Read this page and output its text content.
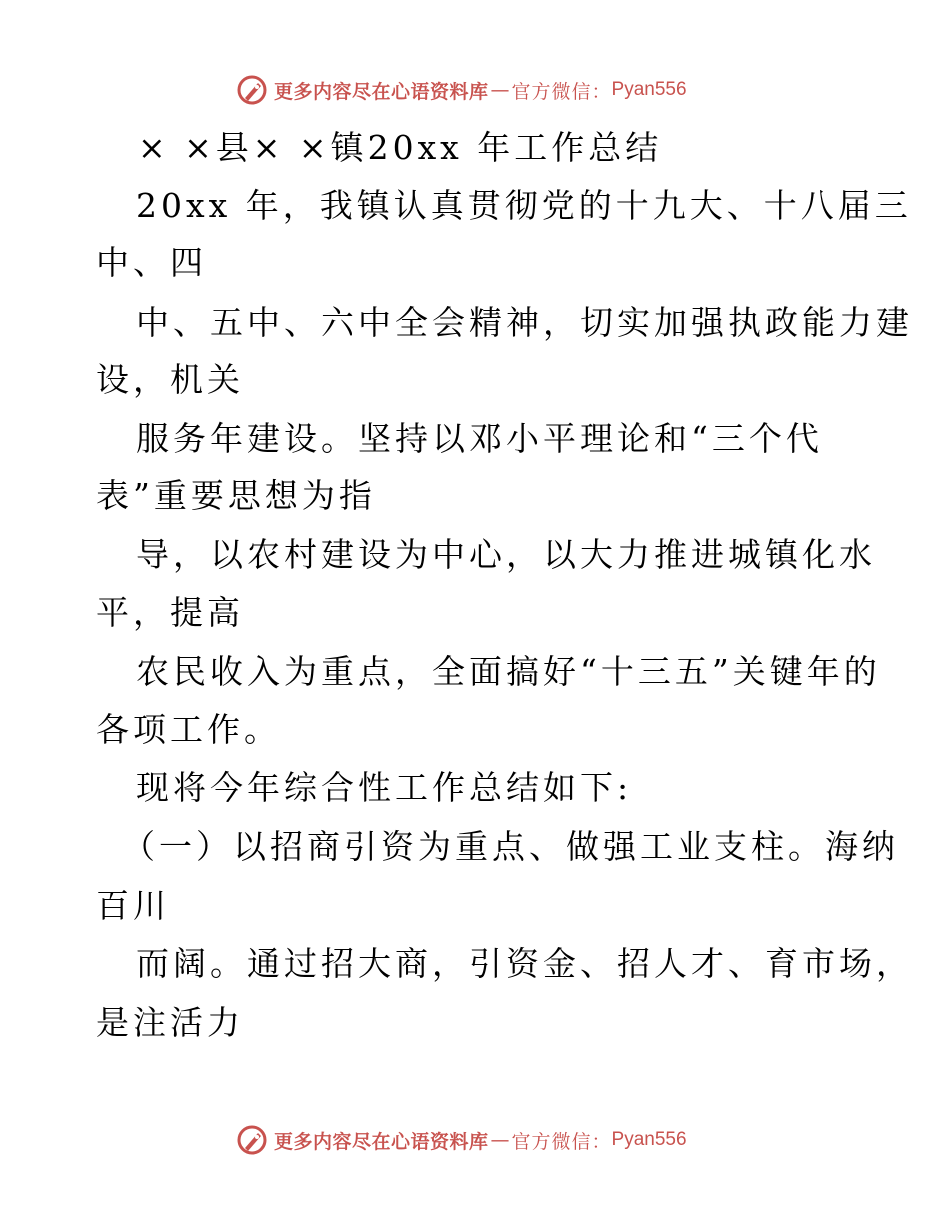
更多内容尽在心语资料库 — 官方微信： Pyan556
× ×县× ×镇20xx 年工作总结
20xx 年，我镇认真贯彻党的十九大、十八届三
中、四
中、五中、六中全会精神，切实加强执政能力建
设，机关
服务年建设。坚持以邓小平理论和“三个代
表”重要思想为指
导，以农村建设为中心，以大力推进城镇化水
平，提高
农民收入为重点，全面搞好“十三五”关键年的
各项工作。
现将今年综合性工作总结如下:
（一）以招商引资为重点、做强工业支柱。海纳
百川
而阔。通过招大商，引资金、招人才、育市场，
是注活力
更多内容尽在心语资料库 — 官方微信： Pyan556
